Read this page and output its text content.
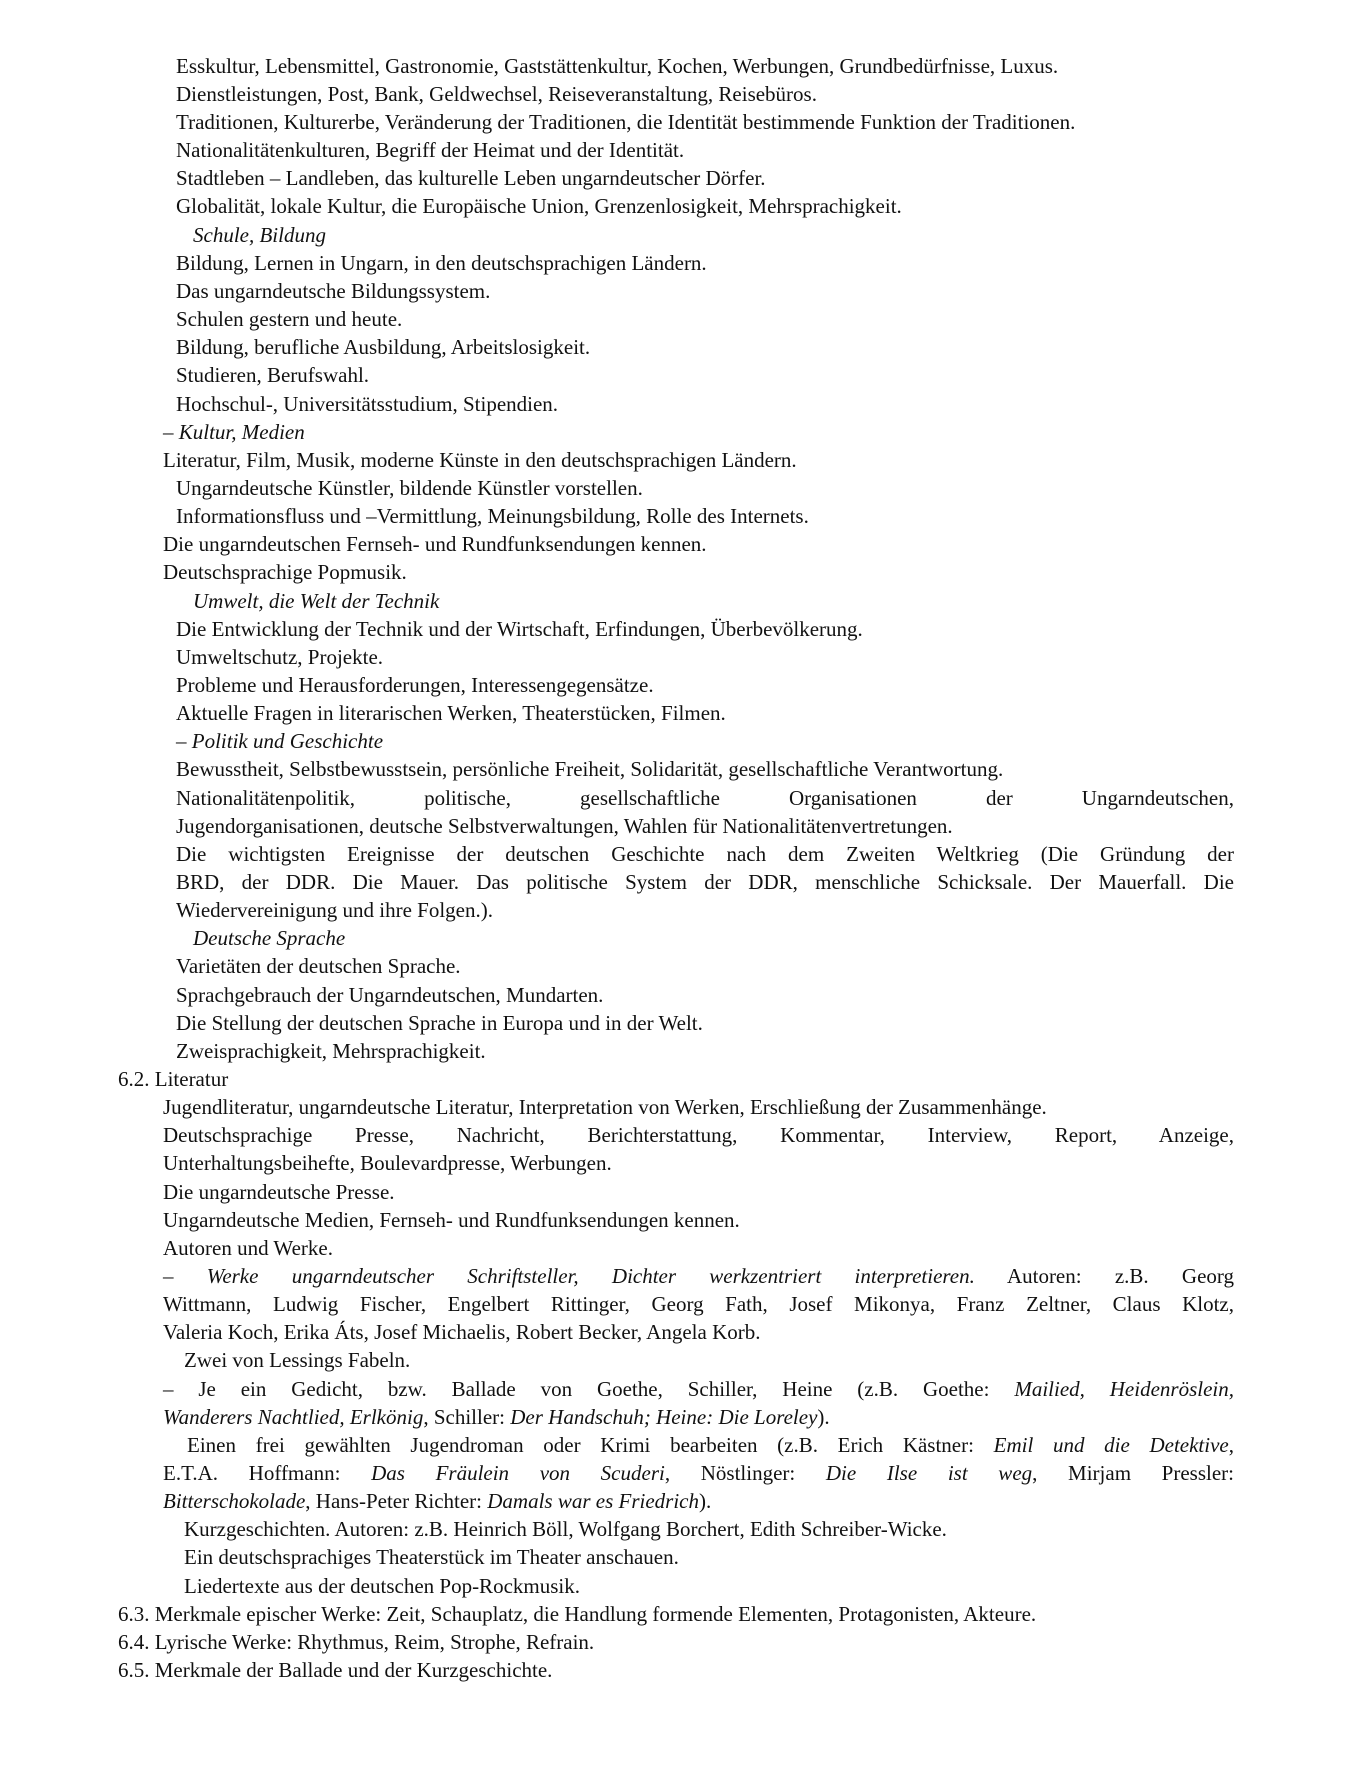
Esskultur, Lebensmittel, Gastronomie, Gaststättenkultur, Kochen, Werbungen, Grundbedürfnisse, Luxus.

Dienstleistungen, Post, Bank, Geldwechsel, Reiseveranstaltung, Reisebüros.

Traditionen, Kulturerbe, Veränderung der Traditionen, die Identität bestimmende Funktion der Traditionen.

Nationalitätenkulturen, Begriff der Heimat und der Identität.

Stadtleben – Landleben, das kulturelle Leben ungarndeutscher Dörfer.

Globalität, lokale Kultur, die Europäische Union, Grenzenlosigkeit, Mehrsprachigkeit.

Schule, Bildung

Bildung, Lernen in Ungarn, in den deutschsprachigen Ländern.

Das ungarndeutsche Bildungssystem.

Schulen gestern und heute.

Bildung, berufliche Ausbildung, Arbeitslosigkeit.

Studieren, Berufswahl.

Hochschul-, Universitätsstudium, Stipendien.

– Kultur, Medien

Literatur, Film, Musik, moderne Künste in den deutschsprachigen Ländern.

Ungarndeutsche Künstler, bildende Künstler vorstellen.

Informationsfluss und –Vermittlung, Meinungsbildung, Rolle des Internets.

Die ungarndeutschen Fernseh- und Rundfunksendungen kennen.

Deutschsprachige Popmusik.

Umwelt, die Welt der Technik

Die Entwicklung der Technik und der Wirtschaft, Erfindungen, Überbevölkerung.

Umweltschutz, Projekte.

Probleme und Herausforderungen, Interessengegensätze.

Aktuelle Fragen in literarischen Werken, Theaterstücken, Filmen.

– Politik und Geschichte

Bewusstheit, Selbstbewusstsein, persönliche Freiheit, Solidarität, gesellschaftliche Verantwortung.

Nationalitätenpolitik, politische, gesellschaftliche Organisationen der Ungarndeutschen,

Jugendorganisationen, deutsche Selbstverwaltungen, Wahlen für Nationalitätenvertretungen.

Die wichtigsten Ereignisse der deutschen Geschichte nach dem Zweiten Weltkrieg (Die Gründung der

BRD, der DDR. Die Mauer. Das politische System der DDR, menschliche Schicksale. Der Mauerfall. Die

Wiedervereinigung und ihre Folgen.).

Deutsche Sprache

Varietäten der deutschen Sprache.

Sprachgebrauch der Ungarndeutschen, Mundarten.

Die Stellung der deutschen Sprache in Europa und in der Welt.

Zweisprachigkeit, Mehrsprachigkeit.

6.2. Literatur

Jugendliteratur, ungarndeutsche Literatur, Interpretation von Werken, Erschließung der Zusammenhänge.

Deutschsprachige Presse, Nachricht, Berichterstattung, Kommentar, Interview, Report, Anzeige,

Unterhaltungsbeihefte, Boulevardpresse, Werbungen.

Die ungarndeutsche Presse.

Ungarndeutsche Medien, Fernseh- und Rundfunksendungen kennen.

Autoren und Werke.

– Werke ungarndeutscher Schriftsteller, Dichter werkzentriert interpretieren. Autoren: z.B. Georg

Wittmann, Ludwig Fischer, Engelbert Rittinger, Georg Fath, Josef Mikonya, Franz Zeltner, Claus Klotz,

Valeria Koch, Erika Áts, Josef Michaelis, Robert Becker, Angela Korb.

Zwei von Lessings Fabeln.

– Je ein Gedicht, bzw. Ballade von Goethe, Schiller, Heine (z.B. Goethe: Mailied, Heidenröslein,

Wanderers Nachtlied, Erlkönig, Schiller: Der Handschuh; Heine: Die Loreley).

Einen frei gewählten Jugendroman oder Krimi bearbeiten (z.B. Erich Kästner: Emil und die Detektive,

E.T.A. Hoffmann: Das Fräulein von Scuderi, Nöstlinger: Die Ilse ist weg, Mirjam Pressler:

Bitterschokolade, Hans-Peter Richter: Damals war es Friedrich).

Kurzgeschichten. Autoren: z.B. Heinrich Böll, Wolfgang Borchert, Edith Schreiber-Wicke.

Ein deutschsprachiges Theaterstück im Theater anschauen.

Liedertexte aus der deutschen Pop-Rockmusik.

6.3. Merkmale epischer Werke: Zeit, Schauplatz, die Handlung formende Elementen, Protagonisten, Akteure.

6.4. Lyrische Werke: Rhythmus, Reim, Strophe, Refrain.

6.5. Merkmale der Ballade und der Kurzgeschichte.
